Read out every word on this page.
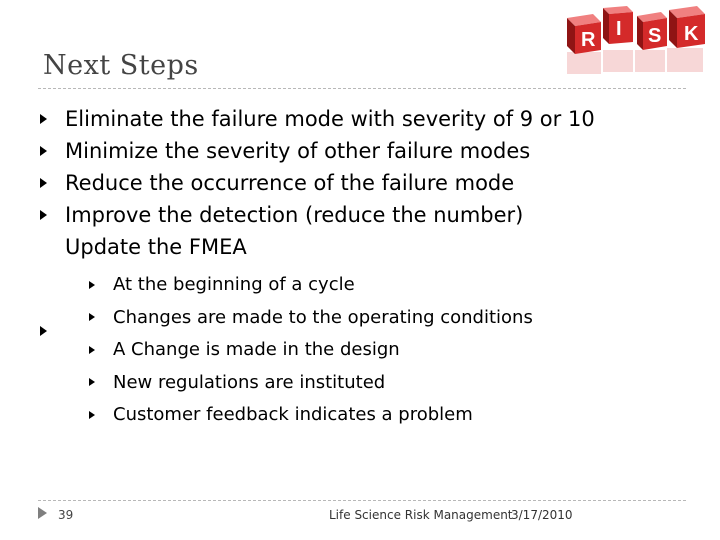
Next Steps
R I S K
Eliminate the failure mode with severity of 9 or 10
Minimize the severity of other failure modes
Reduce the occurrence of the failure mode
Improve the detection (reduce the number)
Update the FMEA
At the beginning of a cycle
Changes are made to the operating conditions
A Change is made in the design
New regulations are instituted
Customer feedback indicates a problem
39	Life Science Risk Management
3/17/2010
